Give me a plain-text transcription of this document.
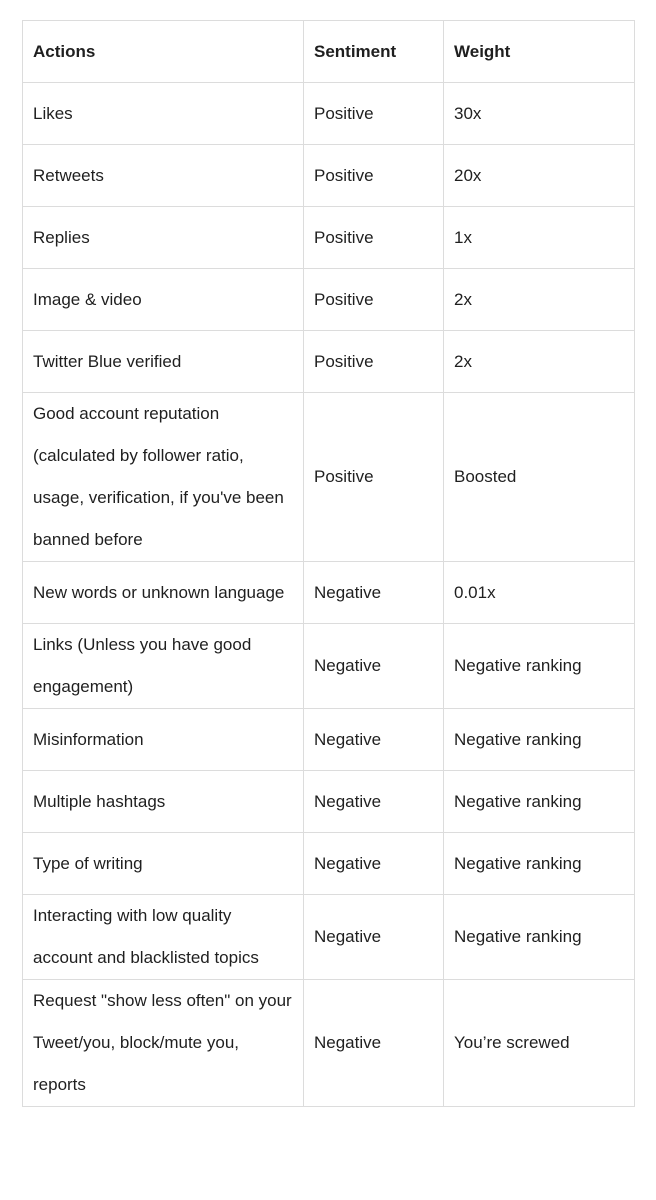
Actions	Sentiment	Weight
Likes	Positive	30x
Retweets	Positive	20x
Replies	Positive	1x
Image & video	Positive	2x
Twitter Blue verified	Positive	2x
Good account reputation (calculated by follower ratio, usage, verification, if you've been banned before	Positive	Boosted
New words or unknown language	Negative	0.01x
Links (Unless you have good engagement)	Negative	Negative ranking
Misinformation	Negative	Negative ranking
Multiple hashtags	Negative	Negative ranking
Type of writing	Negative	Negative ranking
Interacting with low quality account and blacklisted topics	Negative	Negative ranking
Request "show less often" on your Tweet/you, block/mute you, reports	Negative	You’re screwed
